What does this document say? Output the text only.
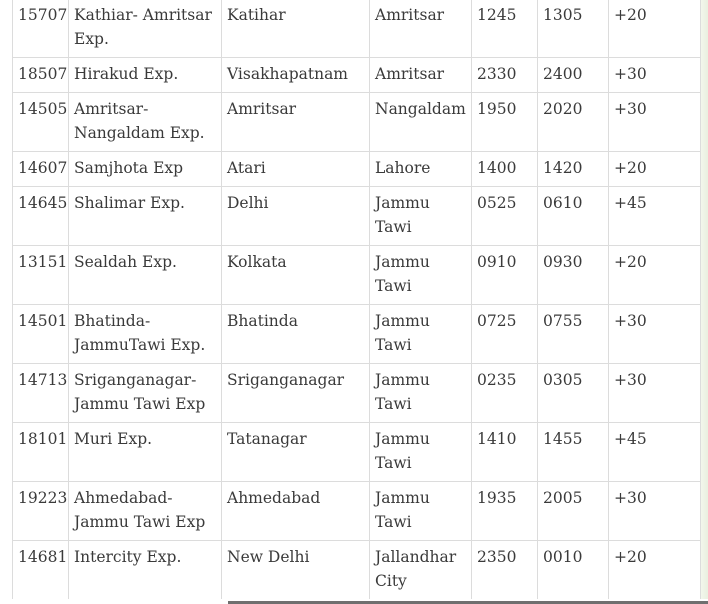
15707	Kathiar- Amritsar Exp.	Katihar	Amritsar	1245	1305	+20
18507	Hirakud Exp.	Visakhapatnam	Amritsar	2330	2400	+30
14505	Amritsar-Nangaldam Exp.	Amritsar	Nangaldam	1950	2020	+30
14607	Samjhota Exp	Atari	Lahore	1400	1420	+20
14645	Shalimar Exp.	Delhi	Jammu Tawi	0525	0610	+45
13151	Sealdah Exp.	Kolkata	Jammu Tawi	0910	0930	+20
14501	Bhatinda-JammuTawi Exp.	Bhatinda	Jammu Tawi	0725	0755	+30
14713	Sriganganagar-Jammu Tawi Exp	Sriganganagar	Jammu Tawi	0235	0305	+30
18101	Muri Exp.	Tatanagar	Jammu Tawi	1410	1455	+45
19223	Ahmedabad-Jammu Tawi Exp	Ahmedabad	Jammu Tawi	1935	2005	+30
14681	Intercity Exp.	New Delhi	Jallandhar City	2350	0010	+20
